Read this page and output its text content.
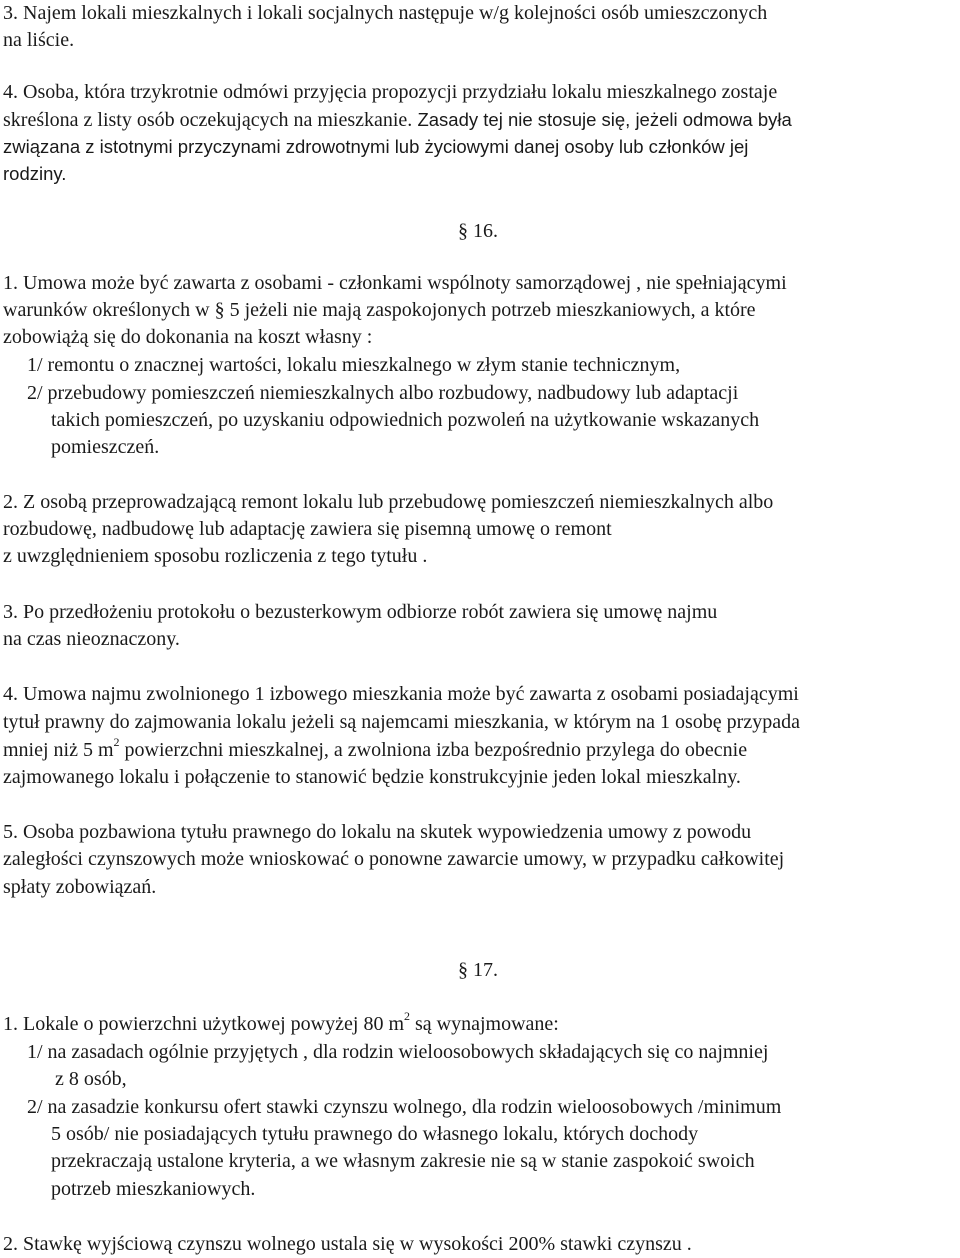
3. Najem lokali mieszkalnych i lokali socjalnych następuje w/g kolejności osób umieszczonych
na liście.
4. Osoba, która trzykrotnie odmówi przyjęcia propozycji przydziału lokalu mieszkalnego zostaje
skreślona z listy osób oczekujących na mieszkanie. Zasady tej nie stosuje się, jeżeli odmowa była
związana z istotnymi przyczynami zdrowotnymi lub życiowymi danej osoby lub członków jej
rodziny.
§ 16.
1. Umowa może być zawarta z osobami - członkami wspólnoty samorządowej , nie spełniającymi
warunków określonych w § 5 jeżeli nie mają zaspokojonych potrzeb mieszkaniowych, a które
zobowiążą się do dokonania na koszt własny :
1/ remontu o znacznej wartości, lokalu mieszkalnego w złym stanie technicznym,
2/ przebudowy pomieszczeń niemieszkalnych albo rozbudowy, nadbudowy lub adaptacji
takich pomieszczeń, po uzyskaniu odpowiednich pozwoleń na użytkowanie wskazanych
pomieszczeń.
2. Z osobą przeprowadzającą remont lokalu lub przebudowę pomieszczeń niemieszkalnych albo
rozbudowę, nadbudowę lub adaptację zawiera się pisemną umowę o remont
z uwzględnieniem sposobu rozliczenia z tego tytułu .
3. Po przedłożeniu protokołu o bezusterkowym odbiorze robót zawiera się umowę najmu
na czas nieoznaczony.
4. Umowa najmu zwolnionego 1 izbowego mieszkania może być zawarta z osobami posiadającymi
tytuł prawny do zajmowania lokalu jeżeli są najemcami mieszkania, w którym na 1 osobę przypada
mniej niż 5 $m^2$ powierzchni mieszkalnej, a zwolniona izba bezpośrednio przylega do obecnie
zajmowanego lokalu i połączenie to stanowić będzie konstrukcyjnie jeden lokal mieszkalny.
5. Osoba pozbawiona tytułu prawnego do lokalu na skutek wypowiedzenia umowy z powodu
zaległości czynszowych może wnioskować o ponowne zawarcie umowy, w przypadku całkowitej
spłaty zobowiązań.
§ 17.
1. Lokale o powierzchni użytkowej powyżej 80 $m^2$ są wynajmowane:
1/ na zasadach ogólnie przyjętych , dla rodzin wieloosobowych składających się co najmniej
z 8 osób,
2/ na zasadzie konkursu ofert stawki czynszu wolnego, dla rodzin wieloosobowych /minimum
5 osób/ nie posiadających tytułu prawnego do własnego lokalu, których dochody
przekraczają ustalone kryteria, a we własnym zakresie nie są w stanie zaspokoić swoich
potrzeb mieszkaniowych.
2. Stawkę wyjściową czynszu wolnego ustala się w wysokości 200% stawki czynszu .
